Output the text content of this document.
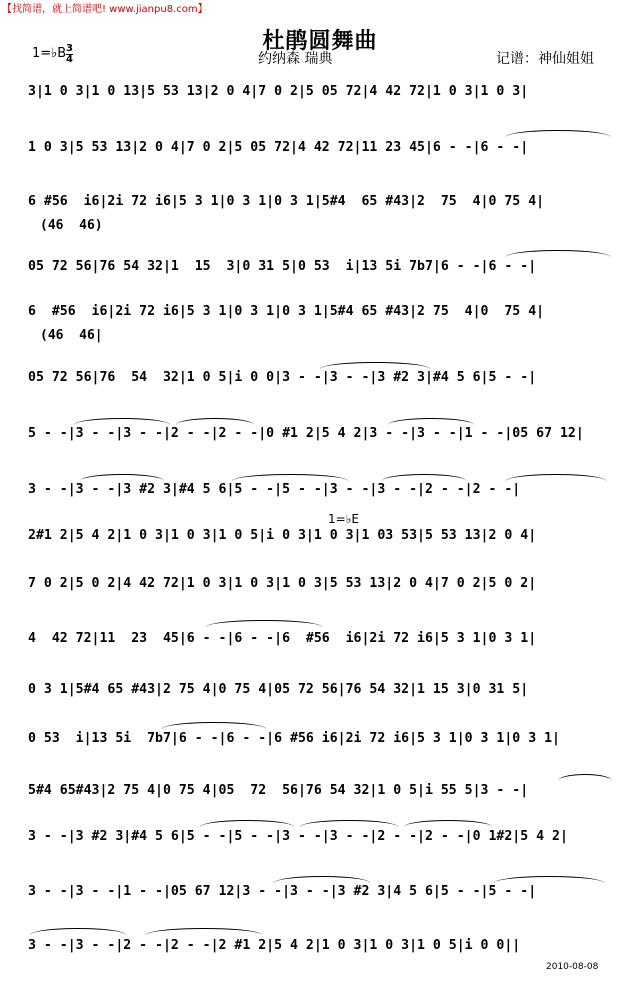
【找简谱，就上简谱吧! www.jianpu8.com】
杜鹃圆舞曲
1=♭B 3
4	约纳森 瑞典	记谱：神仙姐姐
3|1 0 3|1 0 13|5 53 13|2 0 4|7 0 2|5 05 72|4 42 72|1 0 3|1 0 3|
1 0 3|5 53 13|2 0 4|7 0 2|5 05 72|4 42 72|11 23 45|6 - -|6 - -|
6 #56  i6|2i 72 i6|5 3 1|0 3 1|0 3 1|5#4  65 #43|2  75  4|0 75 4|
(46  46)
05 72 56|76 54 32|1  15  3|0 31 5|0 53  i|13 5i 7b7|6 - -|6 - -|
6  #56  i6|2i 72 i6|5 3 1|0 3 1|0 3 1|5#4 65 #43|2 75  4|0  75 4|
(46  46|
05 72 56|76  54  32|1 0 5|i 0 0|3 - -|3 - -|3 #2 3|#4 5 6|5 - -|
5 - -|3 - -|3 - -|2 - -|2 - -|0 #1 2|5 4 2|3 - -|3 - -|1 - -|05 67 12|
3 - -|3 - -|3 #2 3|#4 5 6|5 - -|5 - -|3 - -|3 - -|2 - -|2 - -|
1=♭E
2#1 2|5 4 2|1 0 3|1 0 3|1 0 5|i 0 3|1 0 3|1 03 53|5 53 13|2 0 4|
7 0 2|5 0 2|4 42 72|1 0 3|1 0 3|1 0 3|5 53 13|2 0 4|7 0 2|5 0 2|
4  42 72|11  23  45|6 - -|6 - -|6  #56  i6|2i 72 i6|5 3 1|0 3 1|
0 3 1|5#4 65 #43|2 75 4|0 75 4|05 72 56|76 54 32|1 15 3|0 31 5|
0 53  i|13 5i  7b7|6 - -|6 - -|6 #56 i6|2i 72 i6|5 3 1|0 3 1|0 3 1|
5#4 65#43|2 75 4|0 75 4|05  72  56|76 54 32|1 0 5|i 55 5|3 - -|
3 - -|3 #2 3|#4 5 6|5 - -|5 - -|3 - -|3 - -|2 - -|2 - -|0 1#2|5 4 2|
3 - -|3 - -|1 - -|05 67 12|3 - -|3 - -|3 #2 3|4 5 6|5 - -|5 - -|
3 - -|3 - -|2 - -|2 - -|2 #1 2|5 4 2|1 0 3|1 0 3|1 0 5|i 0 0||
2010-08-08
